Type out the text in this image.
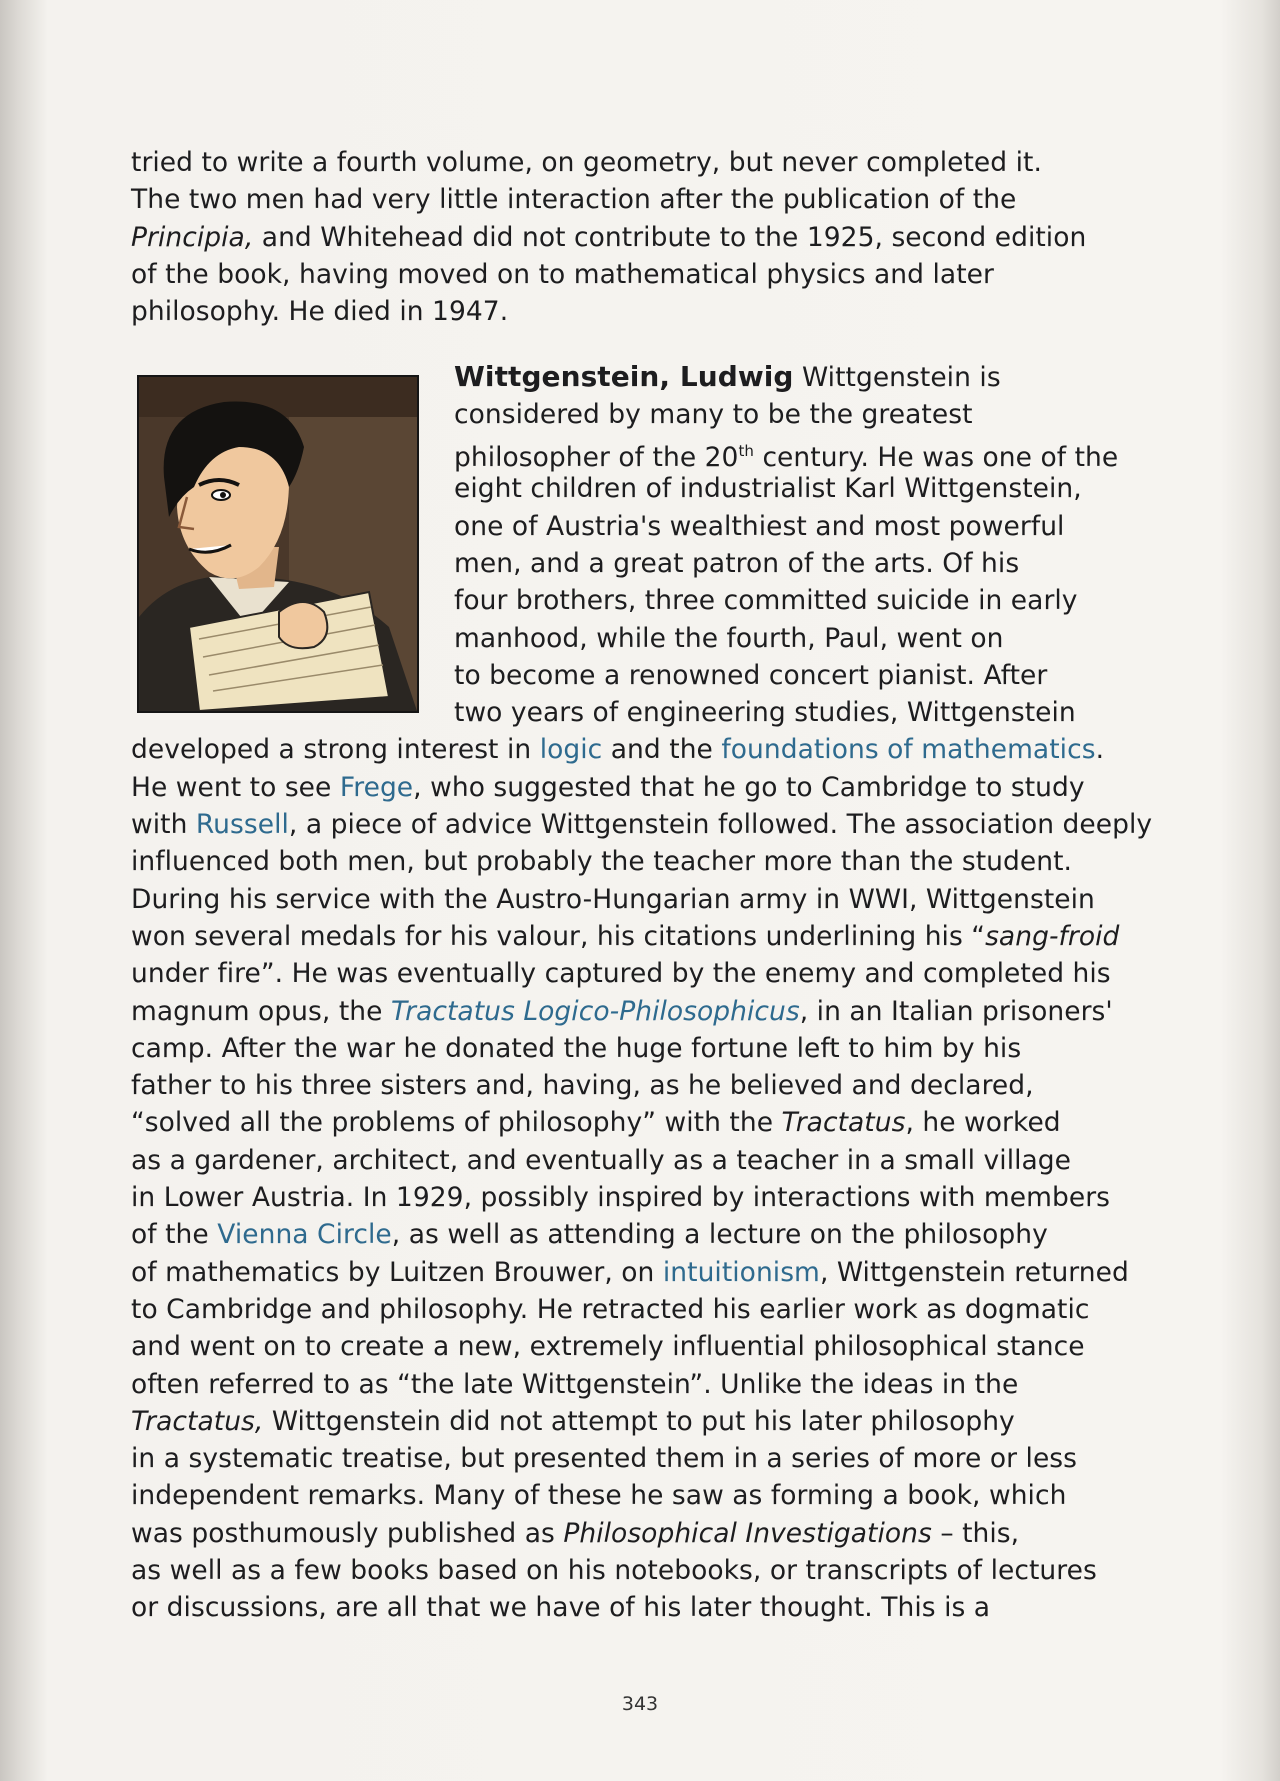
tried to write a fourth volume, on geometry, but never completed it.
The two men had very little interaction after the publication of the
Principia, and Whitehead did not contribute to the 1925, second edition
of the book, having moved on to mathematical physics and later
philosophy. He died in 1947.
Wittgenstein, Ludwig Wittgenstein is
considered by many to be the greatest
philosopher of the 20th century. He was one of the
eight children of industrialist Karl Wittgenstein,
one of Austria's wealthiest and most powerful
men, and a great patron of the arts. Of his
four brothers, three committed suicide in early
manhood, while the fourth, Paul, went on
to become a renowned concert pianist. After
two years of engineering studies, Wittgenstein
developed a strong interest in logic and the foundations of mathematics.
He went to see Frege, who suggested that he go to Cambridge to study
with Russell, a piece of advice Wittgenstein followed. The association deeply
influenced both men, but probably the teacher more than the student.
During his service with the Austro-Hungarian army in WWI, Wittgenstein
won several medals for his valour, his citations underlining his “sang-froid
under fire”. He was eventually captured by the enemy and completed his
magnum opus, the Tractatus Logico-Philosophicus, in an Italian prisoners'
camp. After the war he donated the huge fortune left to him by his
father to his three sisters and, having, as he believed and declared,
“solved all the problems of philosophy” with the Tractatus, he worked
as a gardener, architect, and eventually as a teacher in a small village
in Lower Austria. In 1929, possibly inspired by interactions with members
of the Vienna Circle, as well as attending a lecture on the philosophy
of mathematics by Luitzen Brouwer, on intuitionism, Wittgenstein returned
to Cambridge and philosophy. He retracted his earlier work as dogmatic
and went on to create a new, extremely influential philosophical stance
often referred to as “the late Wittgenstein”. Unlike the ideas in the
Tractatus, Wittgenstein did not attempt to put his later philosophy
in a systematic treatise, but presented them in a series of more or less
independent remarks. Many of these he saw as forming a book, which
was posthumously published as Philosophical Investigations – this,
as well as a few books based on his notebooks, or transcripts of lectures
or discussions, are all that we have of his later thought. This is a
343
